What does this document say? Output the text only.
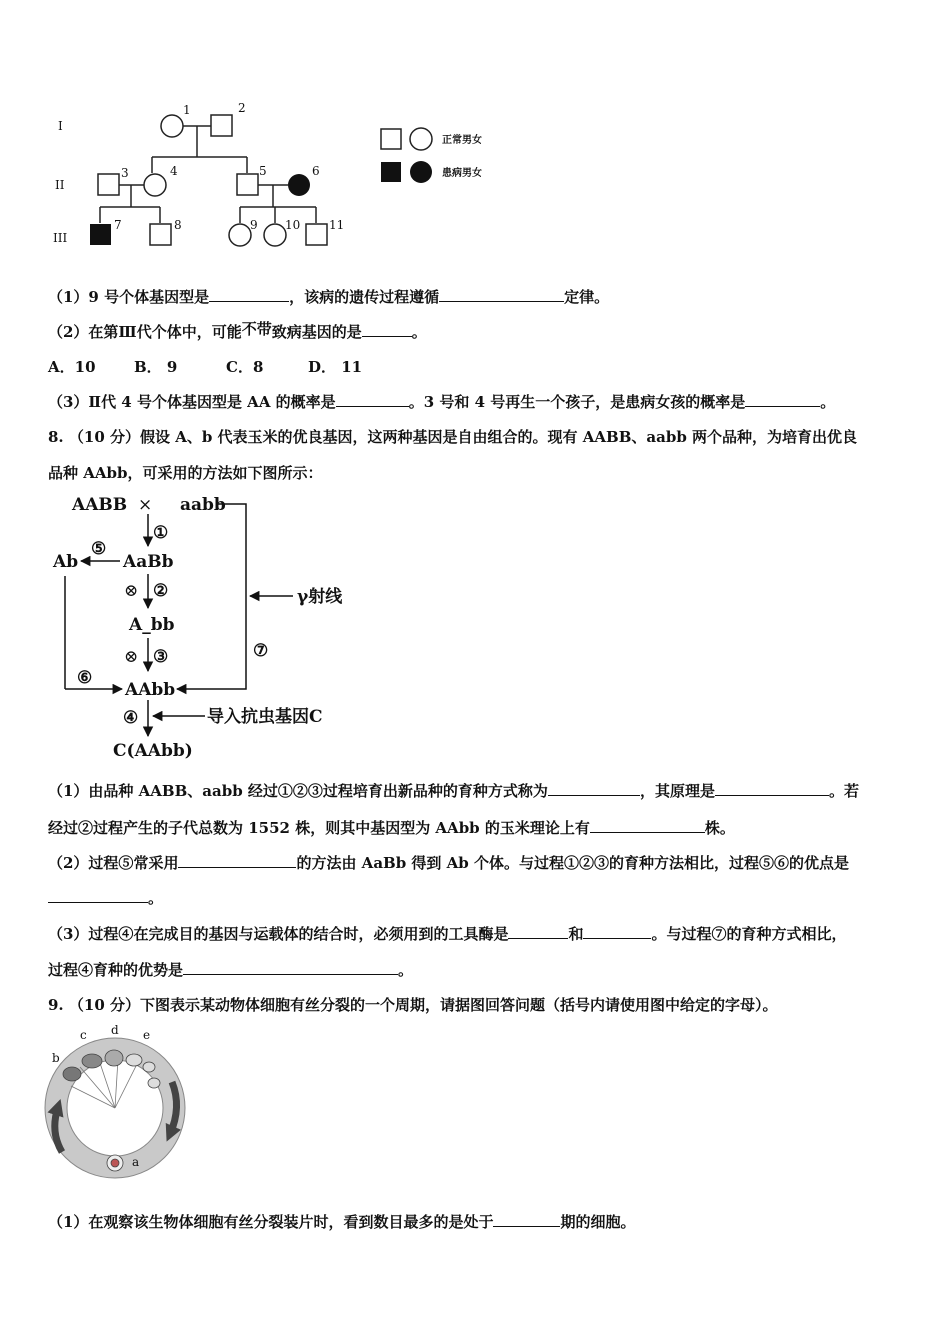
I
II
III
1	2
3	4	5	6
7	8	9 10 11
正常男女
患病男女
（1）9 号个体基因型是	，该病的遗传过程遵循	定律。
（2）在第Ⅲ代个体中，可能不带致病基因的是	。
A．10	B． 9	C．8	D． 11
（3）Ⅱ代 4 号个体基因型是 AA 的概率是	。3 号和 4 号再生一个孩子，是患病女孩的概率是	。
8. （10 分）假设 A、b 代表玉米的优良基因，这两种基因是自由组合的。现有 AABB、aabb 两个品种，为培育出优良
品种 AAbb，可采用的方法如下图所示：
AABB × aabb
①
AaBb
⑤
Ab
⊗ ②
A_bb
⊗ ③
⑥
AAbb
⑦
γ射线
④	导入抗虫基因C
C(AAbb)
（1）由品种 AABB、aabb 经过①②③过程培育出新品种的育种方式称为	，其原理是	。若
经过②过程产生的子代总数为 1552 株，则其中基因型为 AAbb 的玉米理论上有	株。
（2）过程⑤常采用	的方法由 AaBb 得到 Ab 个体。与过程①②③的育种方法相比，过程⑤⑥的优点是
。
（3）过程④在完成目的基因与运载体的结合时，必须用到的工具酶是	和	。与过程⑦的育种方式相比，
过程④育种的优势是	。
9. （10 分）下图表示某动物体细胞有丝分裂的一个周期，请据图回答问题（括号内请使用图中给定的字母）。
a
b
c d e
（1）在观察该生物体细胞有丝分裂装片时，看到数目最多的是处于	期的细胞。
